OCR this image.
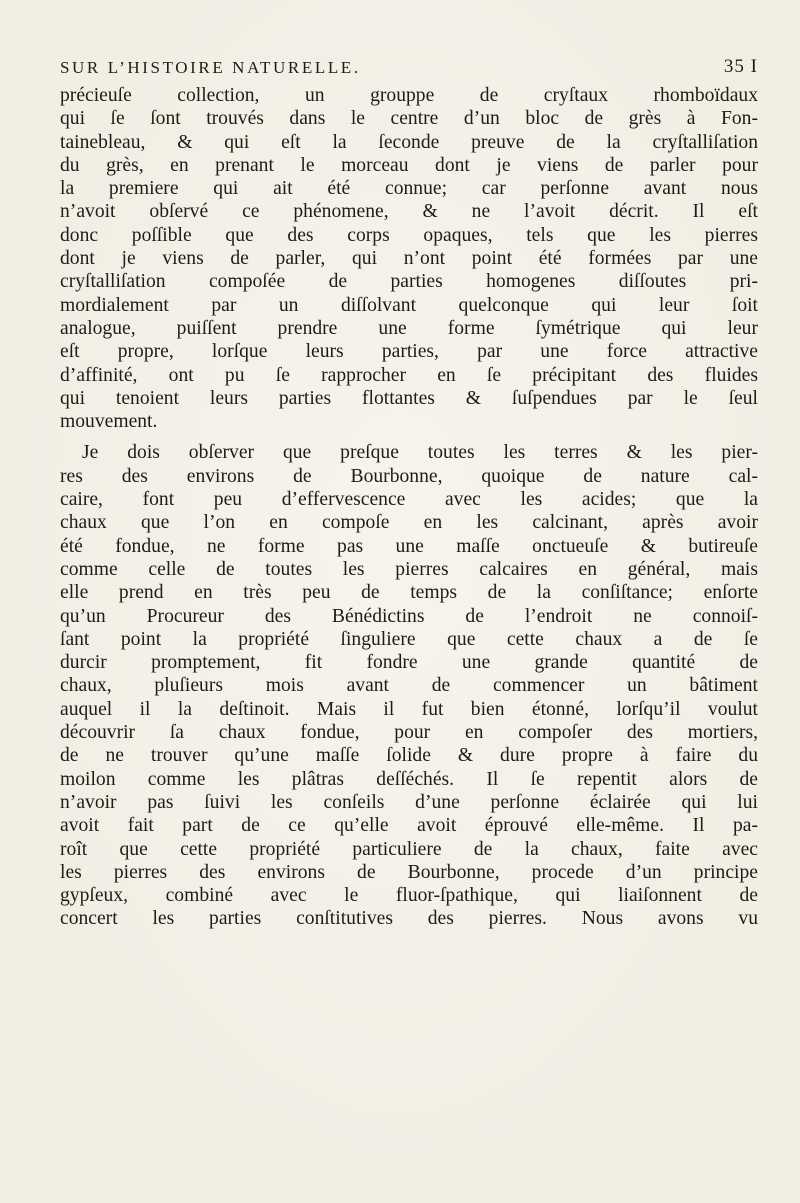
SUR L’HISTOIRE NATURELLE.	35 I
précieuſe collection, un grouppe de cryſtaux rhomboïdaux
qui ſe ſont trouvés dans le centre d’un bloc de grès à Fon-
tainebleau, & qui eſt la ſeconde preuve de la cryſtalliſation
du grès, en prenant le morceau dont je viens de parler pour
la premiere qui ait été connue; car perſonne avant nous
n’avoit obſervé ce phénomene, & ne l’avoit décrit. Il eſt
donc poſſible que des corps opaques, tels que les pierres
dont je viens de parler, qui n’ont point été formées par une
cryſtalliſation compoſée de parties homogenes diſſoutes pri-
mordialement par un diſſolvant quelconque qui leur ſoit
analogue, puiſſent prendre une forme ſymétrique qui leur
eſt propre, lorſque leurs parties, par une force attractive
d’affinité, ont pu ſe rapprocher en ſe précipitant des fluides
qui tenoient leurs parties flottantes & ſuſpendues par le ſeul
mouvement.
Je dois obſerver que preſque toutes les terres & les pier-
res des environs de Bourbonne, quoique de nature cal-
caire, font peu d’effervescence avec les acides; que la
chaux que l’on en compoſe en les calcinant, après avoir
été fondue, ne forme pas une maſſe onctueuſe & butireuſe
comme celle de toutes les pierres calcaires en général, mais
elle prend en très peu de temps de la conſiſtance; enſorte
qu’un Procureur des Bénédictins de l’endroit ne connoiſ-
ſant point la propriété ſinguliere que cette chaux a de ſe
durcir promptement, fit fondre une grande quantité de
chaux, pluſieurs mois avant de commencer un bâtiment
auquel il la deſtinoit. Mais il fut bien étonné, lorſqu’il voulut
découvrir ſa chaux fondue, pour en compoſer des mortiers,
de ne trouver qu’une maſſe ſolide & dure propre à faire du
moilon comme les plâtras deſſéchés. Il ſe repentit alors de
n’avoir pas ſuivi les conſeils d’une perſonne éclairée qui lui
avoit fait part de ce qu’elle avoit éprouvé elle-même. Il pa-
roît que cette propriété particuliere de la chaux, faite avec
les pierres des environs de Bourbonne, procede d’un principe
gypſeux, combiné avec le fluor-ſpathique, qui liaiſonnent de
concert les parties conſtitutives des pierres. Nous avons vu
